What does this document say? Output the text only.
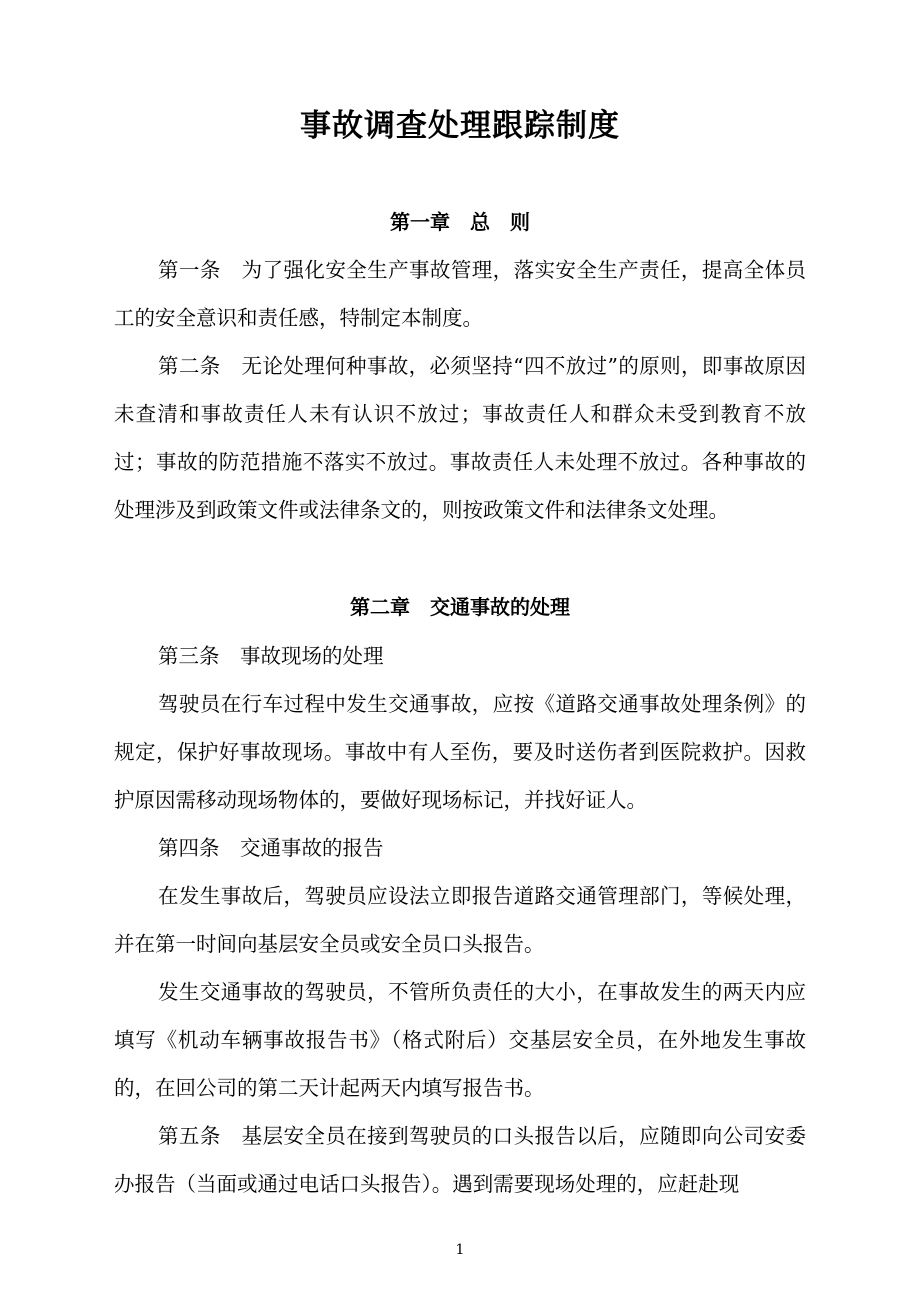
事故调查处理跟踪制度
第一章　总　则

第一条　为了强化安全生产事故管理，落实安全生产责任，提高全体员工的安全意识和责任感，特制定本制度。

第二条　无论处理何种事故，必须坚持“四不放过”的原则，即事故原因未查清和事故责任人未有认识不放过；事故责任人和群众未受到教育不放过；事故的防范措施不落实不放过。事故责任人未处理不放过。各种事故的处理涉及到政策文件或法律条文的，则按政策文件和法律条文处理。

第二章　交通事故的处理

第三条　事故现场的处理

驾驶员在行车过程中发生交通事故，应按《道路交通事故处理条例》的规定，保护好事故现场。事故中有人至伤，要及时送伤者到医院救护。因救护原因需移动现场物体的，要做好现场标记，并找好证人。

第四条　交通事故的报告

在发生事故后，驾驶员应设法立即报告道路交通管理部门，等候处理，并在第一时间向基层安全员或安全员口头报告。

发生交通事故的驾驶员，不管所负责任的大小，在事故发生的两天内应填写《机动车辆事故报告书》（格式附后）交基层安全员，在外地发生事故的，在回公司的第二天计起两天内填写报告书。

第五条　基层安全员在接到驾驶员的口头报告以后，应随即向公司安委办报告（当面或通过电话口头报告）。遇到需要现场处理的，应赶赴现

1
